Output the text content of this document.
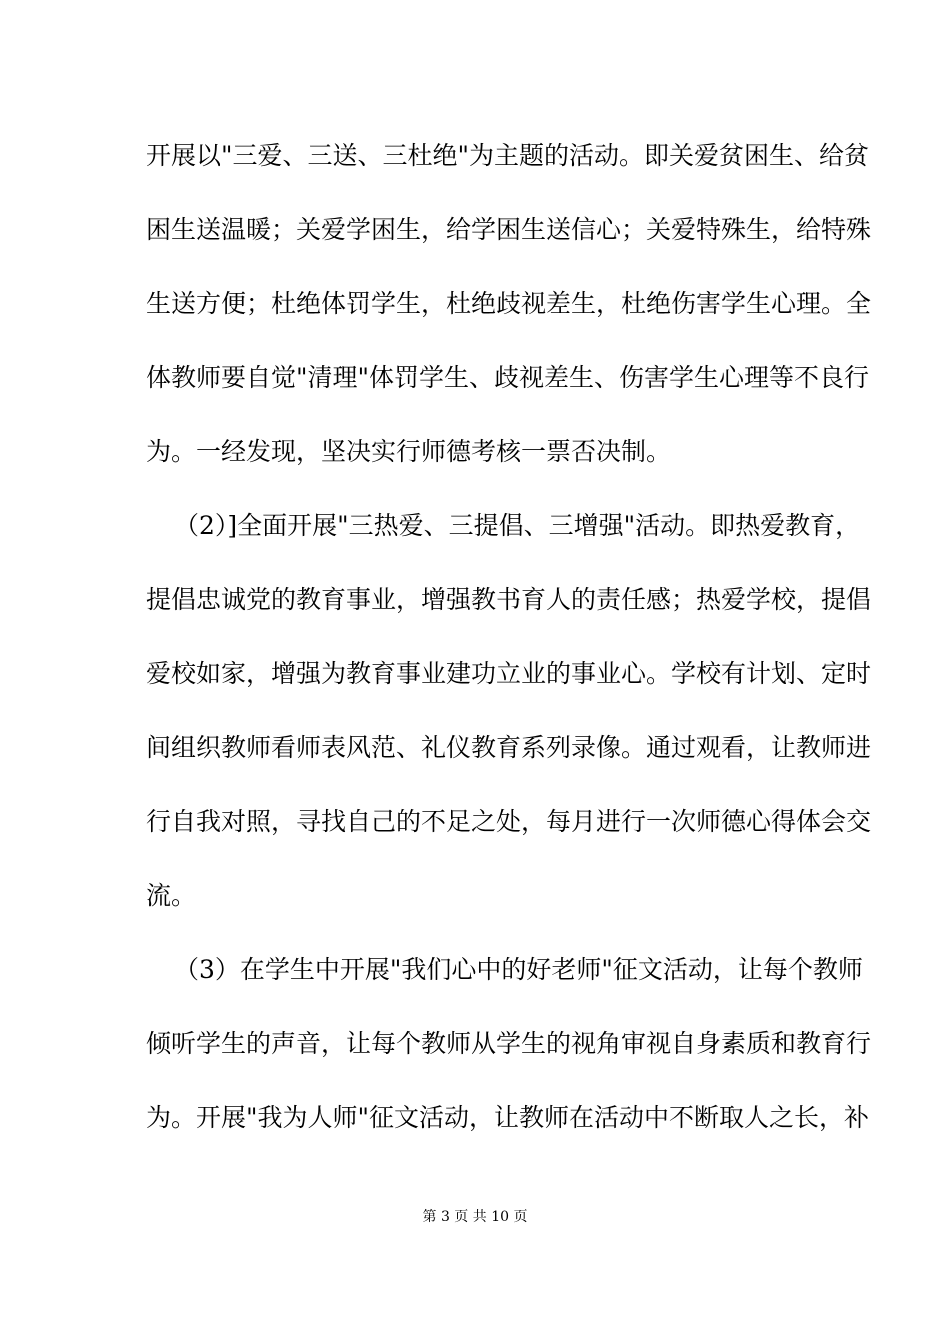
开展以"三爱、三送、三杜绝"为主题的活动。即关爱贫困生、给贫
困生送温暖；关爱学困生，给学困生送信心；关爱特殊生，给特殊
生送方便；杜绝体罚学生，杜绝歧视差生，杜绝伤害学生心理。全
体教师要自觉"清理"体罚学生、歧视差生、伤害学生心理等不良行
为。一经发现，坚决实行师德考核一票否决制。
（2）]全面开展"三热爱、三提倡、三增强"活动。即热爱教育，
提倡忠诚党的教育事业，增强教书育人的责任感；热爱学校，提倡
爱校如家，增强为教育事业建功立业的事业心。学校有计划、定时
间组织教师看师表风范、礼仪教育系列录像。通过观看，让教师进
行自我对照，寻找自己的不足之处，每月进行一次师德心得体会交
流。
（3）在学生中开展"我们心中的好老师"征文活动，让每个教师
倾听学生的声音，让每个教师从学生的视角审视自身素质和教育行
为。开展"我为人师"征文活动，让教师在活动中不断取人之长，补
第 3 页 共 10 页
